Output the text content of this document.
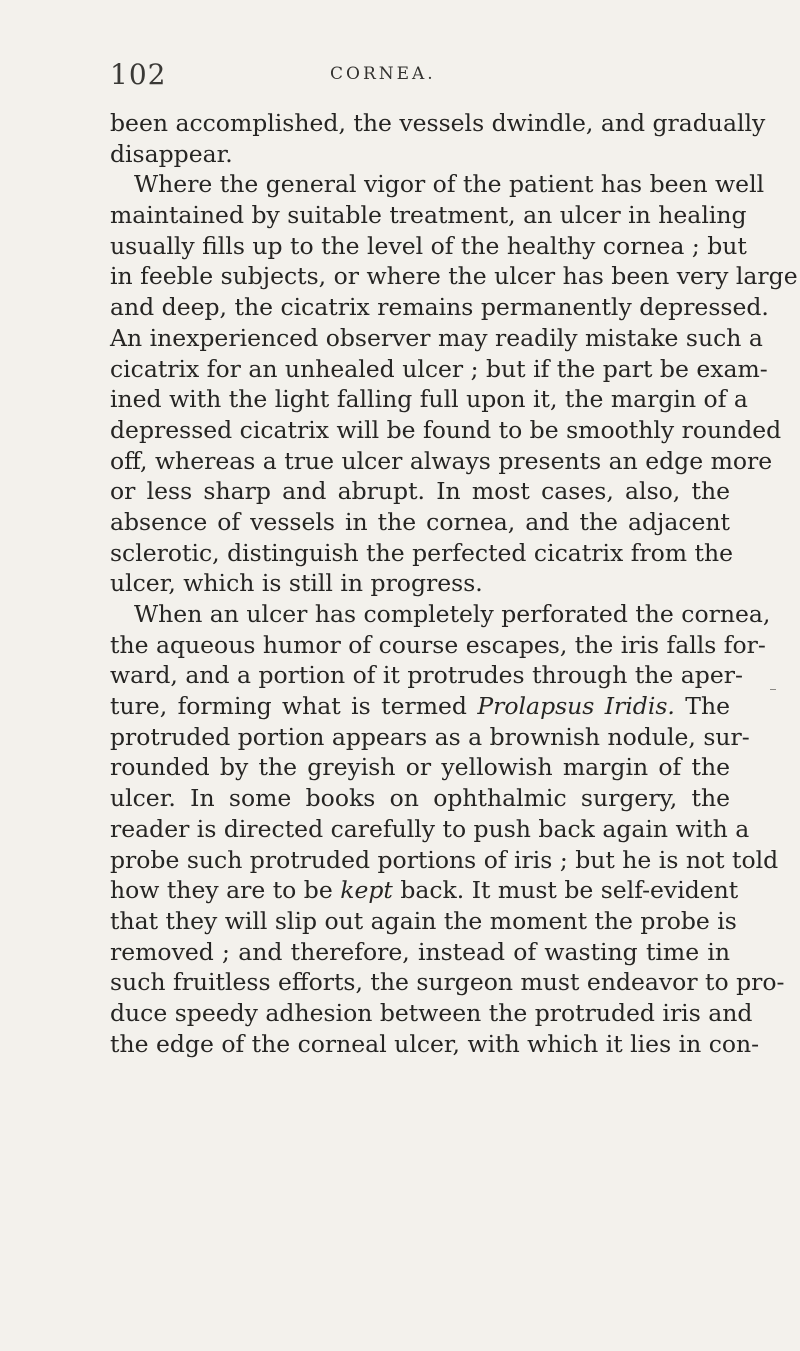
102	CORNEA.
been accomplished, the vessels dwindle, and gradually
disappear.
Where the general vigor of the patient has been well
maintained by suitable treatment, an ulcer in healing
usually fills up to the level of the healthy cornea ; but
in feeble subjects, or where the ulcer has been very large
and deep, the cicatrix remains permanently depressed.
An inexperienced observer may readily mistake such a
cicatrix for an unhealed ulcer ; but if the part be exam-
ined with the light falling full upon it, the margin of a
depressed cicatrix will be found to be smoothly rounded
off, whereas a true ulcer always presents an edge more
or less sharp and abrupt. In most cases, also, the
absence of vessels in the cornea, and the adjacent
sclerotic, distinguish the perfected cicatrix from the
ulcer, which is still in progress.
When an ulcer has completely perforated the cornea,
the aqueous humor of course escapes, the iris falls for-
ward, and a portion of it protrudes through the aper-
ture, forming what is termed Prolapsus Iridis. The
protruded portion appears as a brownish nodule, sur-
rounded by the greyish or yellowish margin of the
ulcer. In some books on ophthalmic surgery, the
reader is directed carefully to push back again with a
probe such protruded portions of iris ; but he is not told
how they are to be kept back. It must be self-evident
that they will slip out again the moment the probe is
removed ; and therefore, instead of wasting time in
such fruitless efforts, the surgeon must endeavor to pro-
duce speedy adhesion between the protruded iris and
the edge of the corneal ulcer, with which it lies in con-
